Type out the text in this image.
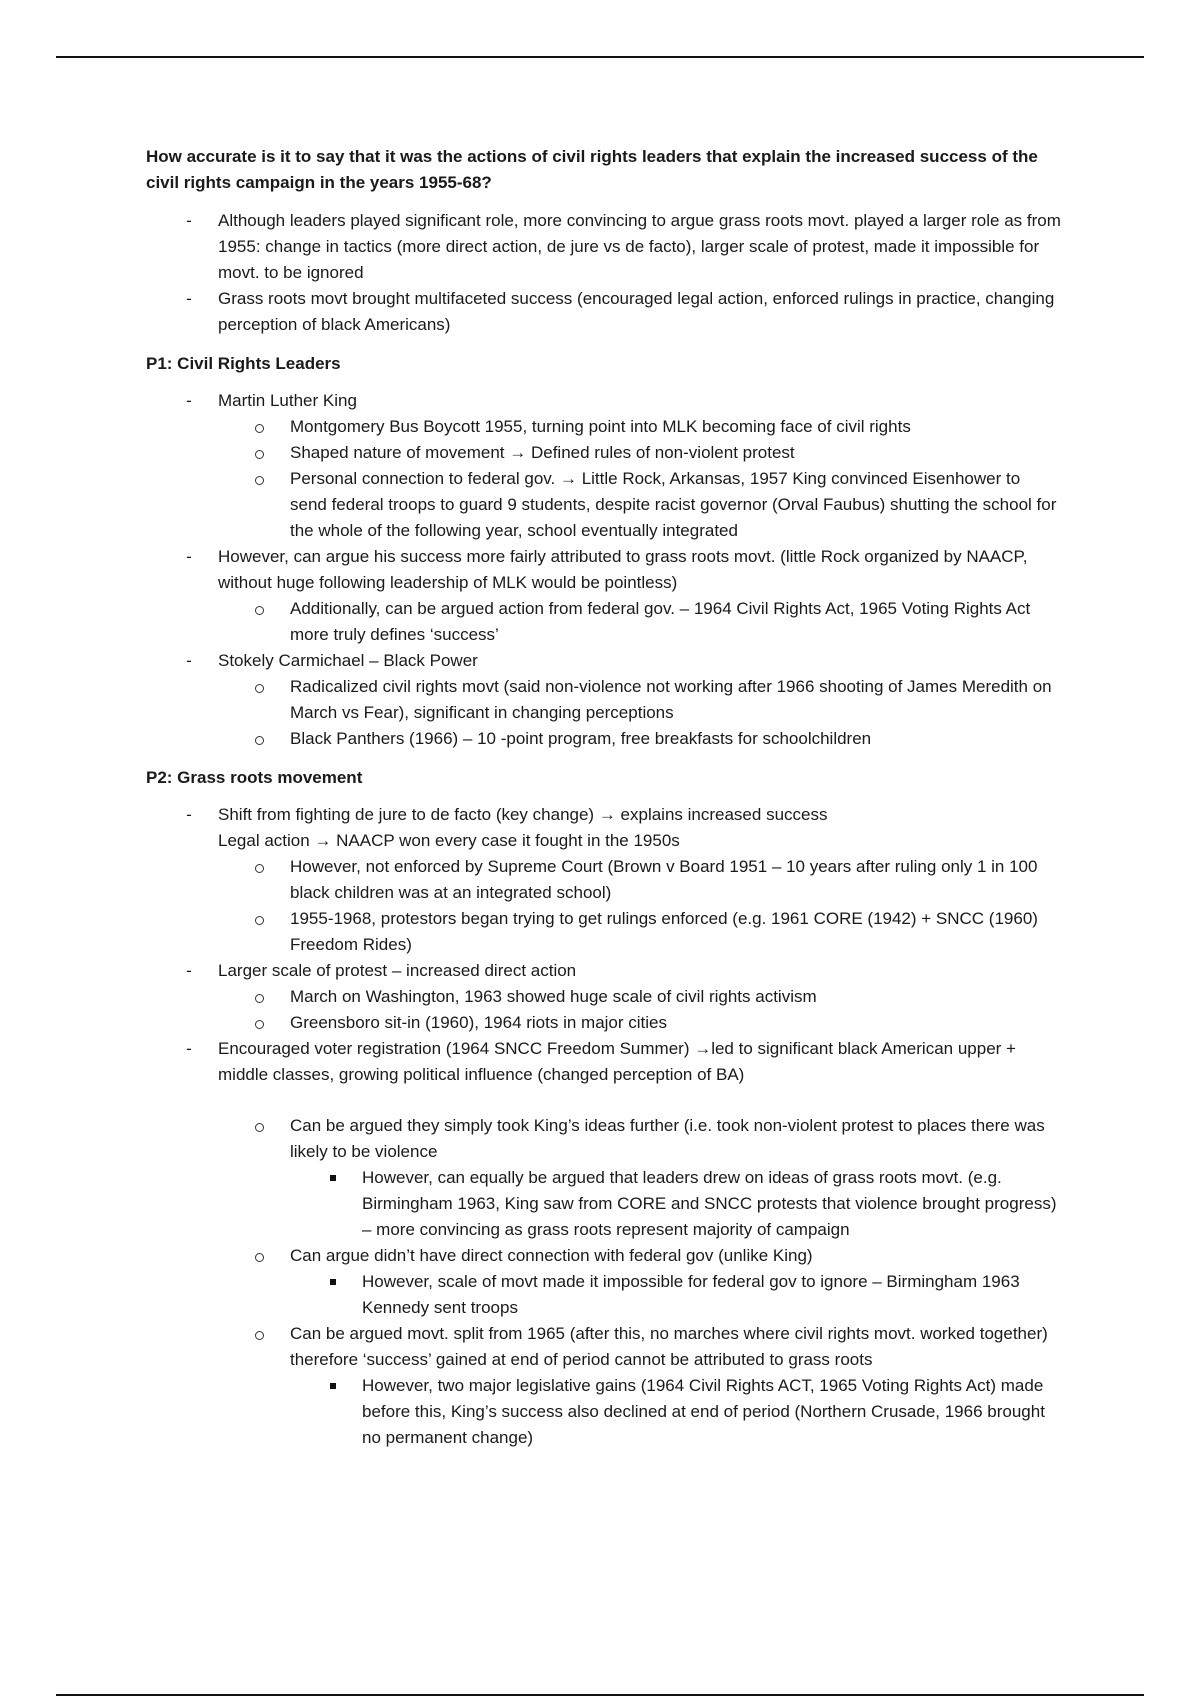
How accurate is it to say that it was the actions of civil rights leaders that explain the increased success of the civil rights campaign in the years 1955-68?
- Although leaders played significant role, more convincing to argue grass roots movt. played a larger role as from 1955: change in tactics (more direct action, de jure vs de facto), larger scale of protest, made it impossible for movt. to be ignored
- Grass roots movt brought multifaceted success (encouraged legal action, enforced rulings in practice, changing perception of black Americans)
P1: Civil Rights Leaders
- Martin Luther King
Montgomery Bus Boycott 1955, turning point into MLK becoming face of civil rights
Shaped nature of movement → Defined rules of non-violent protest
Personal connection to federal gov. → Little Rock, Arkansas, 1957 King convinced Eisenhower to send federal troops to guard 9 students, despite racist governor (Orval Faubus) shutting the school for the whole of the following year, school eventually integrated
- However, can argue his success more fairly attributed to grass roots movt. (little Rock organized by NAACP, without huge following leadership of MLK would be pointless)
Additionally, can be argued action from federal gov. – 1964 Civil Rights Act, 1965 Voting Rights Act more truly defines ‘success’
- Stokely Carmichael – Black Power
Radicalized civil rights movt (said non-violence not working after 1966 shooting of James Meredith on March vs Fear), significant in changing perceptions
Black Panthers (1966) – 10 -point program, free breakfasts for schoolchildren
P2: Grass roots movement
- Shift from fighting de jure to de facto (key change) → explains increased success
Legal action → NAACP won every case it fought in the 1950s
However, not enforced by Supreme Court (Brown v Board 1951 – 10 years after ruling only 1 in 100 black children was at an integrated school)
1955-1968, protestors began trying to get rulings enforced (e.g. 1961 CORE (1942) + SNCC (1960) Freedom Rides)
- Larger scale of protest – increased direct action
March on Washington, 1963 showed huge scale of civil rights activism
Greensboro sit-in (1960), 1964 riots in major cities
- Encouraged voter registration (1964 SNCC Freedom Summer) →led to significant black American upper + middle classes, growing political influence (changed perception of BA)
Can be argued they simply took King’s ideas further (i.e. took non-violent protest to places there was likely to be violence
However, can equally be argued that leaders drew on ideas of grass roots movt. (e.g. Birmingham 1963, King saw from CORE and SNCC protests that violence brought progress) – more convincing as grass roots represent majority of campaign
Can argue didn’t have direct connection with federal gov (unlike King)
However, scale of movt made it impossible for federal gov to ignore – Birmingham 1963 Kennedy sent troops
Can be argued movt. split from 1965 (after this, no marches where civil rights movt. worked together) therefore ‘success’ gained at end of period cannot be attributed to grass roots
However, two major legislative gains (1964 Civil Rights ACT, 1965 Voting Rights Act) made before this, King’s success also declined at end of period (Northern Crusade, 1966 brought no permanent change)
